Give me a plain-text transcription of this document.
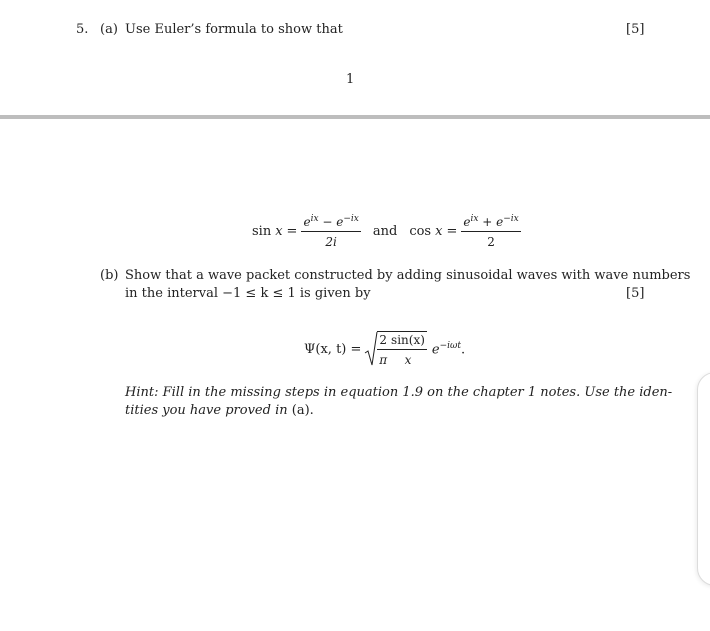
5. (a) Use Euler’s formula to show that	[5]
1
$\sin x = \frac{e^{ix} - e^{-ix}}{2i}$ and $\cos x = \frac{e^{ix} + e^{-ix}}{2}$
(b) Show that a wave packet constructed by adding sinusoidal waves with wave numbers
in the interval −1 ≤ k ≤ 1 is given by	[5]
Ψ(x, $t) = \frac{2}{\pi} \frac{\sin(x)}{x} e^{-i\omega t}$.
Hint: Fill in the missing steps in equation 1.9 on the chapter 1 notes. Use the iden-
tities you have proved in (a).
